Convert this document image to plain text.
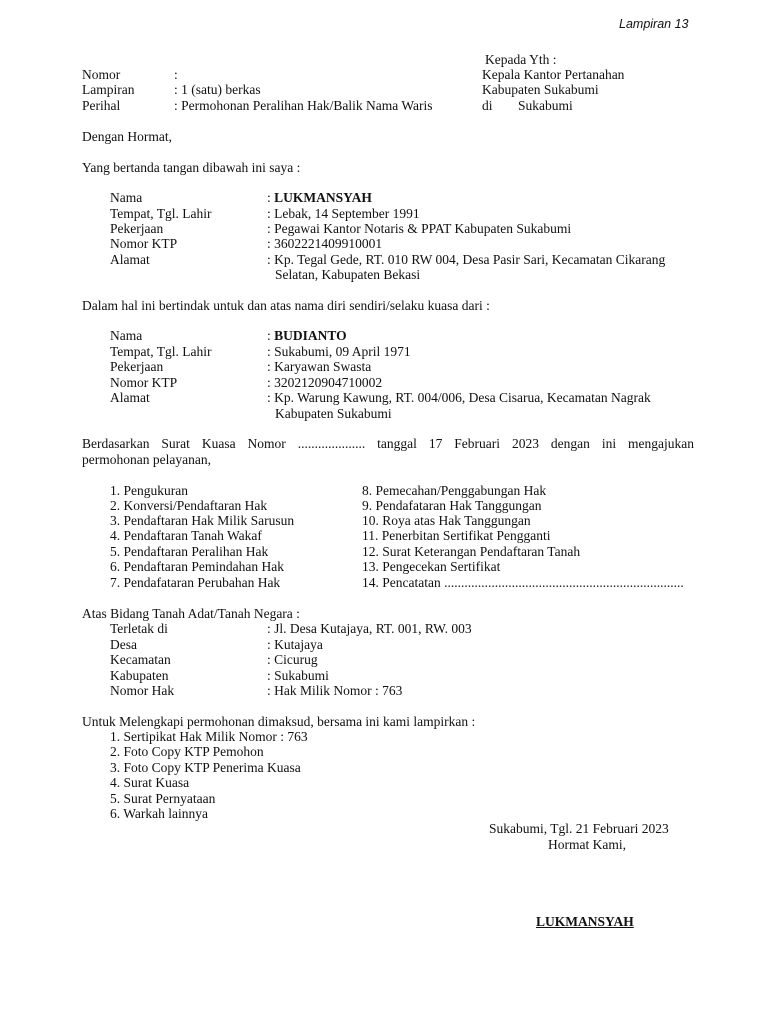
Lampiran 13
Kepada Yth :
Kepala Kantor Pertanahan
Kabupaten Sukabumi
di Sukabumi
Nomor	:
Lampiran	: 1 (satu) berkas
Perihal	: Permohonan Peralihan Hak/Balik Nama Waris
Dengan Hormat,
Yang bertanda tangan dibawah ini saya :
Nama	: LUKMANSYAH
Tempat, Tgl. Lahir	: Lebak, 14 September 1991
Pekerjaan	: Pegawai Kantor Notaris & PPAT Kabupaten Sukabumi
Nomor KTP	: 3602221409910001
Alamat	: Kp. Tegal Gede, RT. 010 RW 004, Desa Pasir Sari, Kecamatan Cikarang
Selatan, Kabupaten Bekasi
Dalam hal ini bertindak untuk dan atas nama diri sendiri/selaku kuasa dari :
Nama	: BUDIANTO
Tempat, Tgl. Lahir	: Sukabumi, 09 April 1971
Pekerjaan	: Karyawan Swasta
Nomor KTP	: 3202120904710002
Alamat	: Kp. Warung Kawung, RT. 004/006, Desa Cisarua, Kecamatan Nagrak
Kabupaten Sukabumi
Berdasarkan Surat Kuasa Nomor .................... tanggal 17 Februari 2023 dengan ini mengajukan
permohonan pelayanan,
1. Pengukuran
2. Konversi/Pendaftaran Hak
3. Pendaftaran Hak Milik Sarusun
4. Pendaftaran Tanah Wakaf
5. Pendaftaran Peralihan Hak
6. Pendaftaran Pemindahan Hak
7. Pendafataran Perubahan Hak
8. Pemecahan/Penggabungan Hak
9. Pendafataran Hak Tanggungan
10. Roya atas Hak Tanggungan
11. Penerbitan Sertifikat Pengganti
12. Surat Keterangan Pendaftaran Tanah
13. Pengecekan Sertifikat
14. Pencatatan .......................................................................
Atas Bidang Tanah Adat/Tanah Negara :
Terletak di	: Jl. Desa Kutajaya, RT. 001, RW. 003
Desa	: Kutajaya
Kecamatan	: Cicurug
Kabupaten	: Sukabumi
Nomor Hak	: Hak Milik Nomor : 763
Untuk Melengkapi permohonan dimaksud, bersama ini kami lampirkan :
1. Sertipikat Hak Milik Nomor : 763
2. Foto Copy KTP Pemohon
3. Foto Copy KTP Penerima Kuasa
4. Surat Kuasa
5. Surat Pernyataan
6. Warkah lainnya
Sukabumi, Tgl. 21 Februari 2023
Hormat Kami,
LUKMANSYAH
